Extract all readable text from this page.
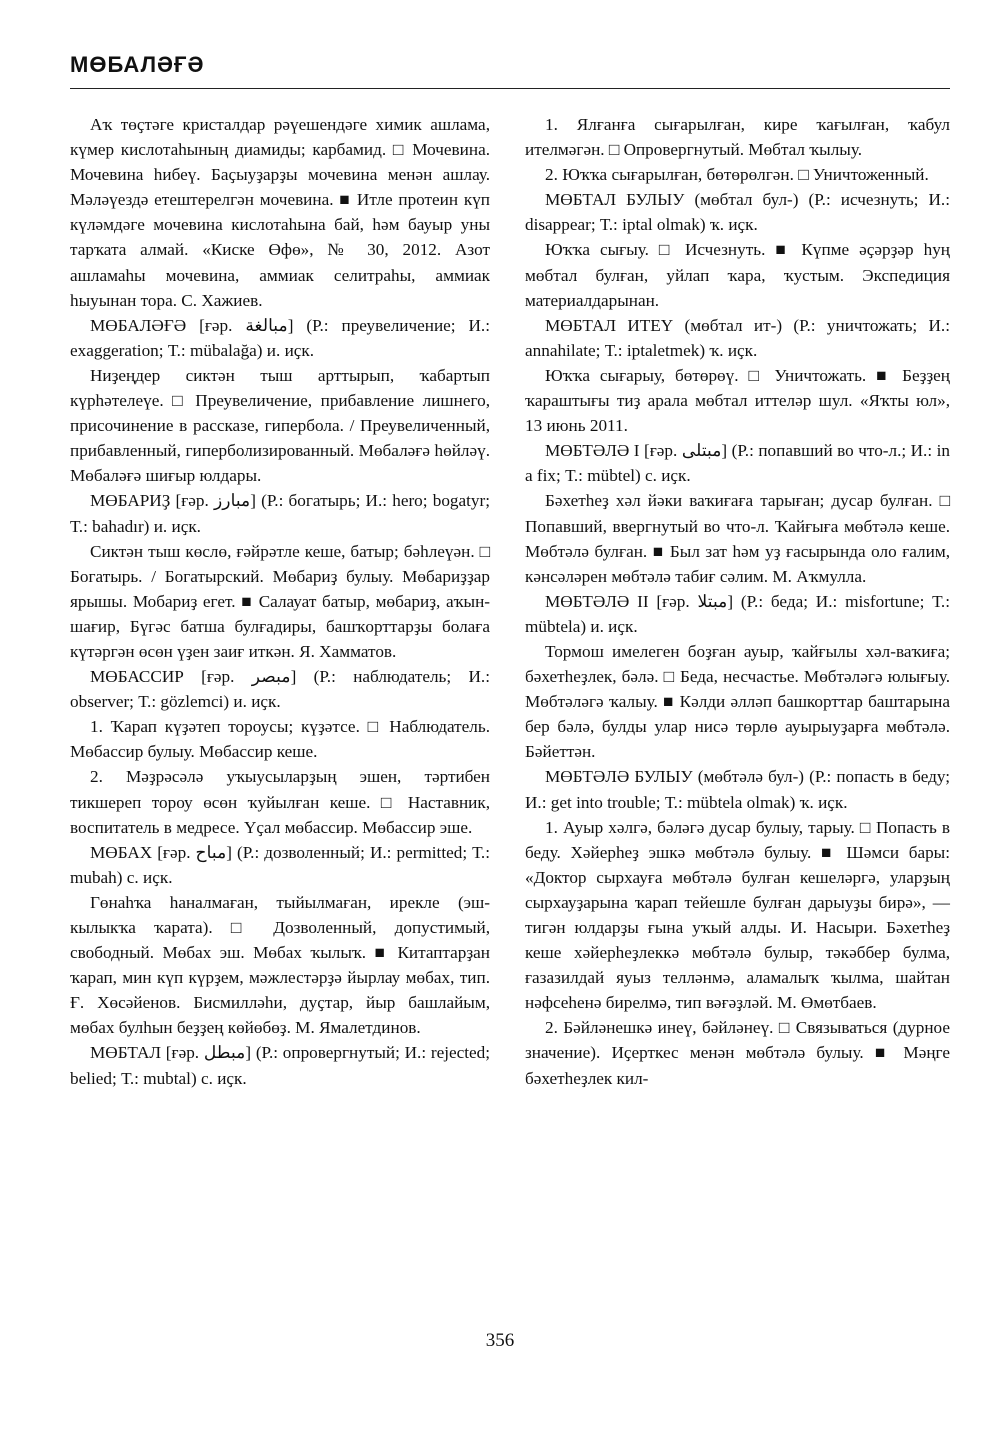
МӨБАЛӘҒӘ

Аҡ төҫтәге кристалдар рәүешендәге химик ашлама, күмер кислотаһының диамиды; карбамид. □ Мочевина. Мочевина һибеү. Баҫыуҙарҙы мочевина менән ашлау. Мәләүездә етештерелгән мочевина. ■ Итле протеин күп күләмдәге мочевина кислотаһына бай, һәм бауыр уны тарҡата алмай. «Киске Өфө», № 30, 2012. Азот ашламаһы мочевина, аммиак селитраһы, аммиак һыуынан тора. С. Хажиев.

МӨБАЛӘҒӘ [ғәр. مبالغة] (Р.: преувеличение; И.: exaggeration; Т.: mübalağa) и. иҫк.

Ниҙеңдер сиктән тыш арттырып, ҡабартып күрһәтелеүе. □ Преувеличение, прибавление лишнего, присочинение в рассказе, гипербола. / Преувеличенный, прибавленный, гиперболизированный. Мөбаләғә һөйләү. Мөбаләғә шиғыр юлдары.

МӨБАРИҘ [ғәр. مبارز] (Р.: богатырь; И.: hero; bogatyr; Т.: bahadır) и. иҫк.

Сиктән тыш көслө, ғәйрәтле кеше, батыр; бәһлеүән. □ Богатырь. / Богатырский. Мөбариҙ булыу. Мөбариҙҙар ярышы. Мобариҙ егет. ■ Салауат батыр, мөбариҙ, аҡын-шағир, Бүгәс батша булғадиры, башҡорттарҙы болаға күтәргән өсөн үҙен заиғ иткән. Я. Хамматов.

МӨБАССИР [ғәр. مبصر] (Р.: наблюдатель; И.: observer; Т.: gözlemci) и. иҫк.

1. Ҡарап күҙәтеп тороусы; күҙәтсе. □ Наблюдатель. Мөбассир булыу. Мөбассир кеше.

2. Мәҙрәсәлә уҡыусыларҙың эшен, тәртибен тикшереп тороу өсөн ҡуйылған кеше. □ Наставник, воспитатель в медресе. Үҫал мөбассир. Мөбассир эше.

МӨБАХ [ғәр. مباح] (Р.: дозволенный; И.: permitted; Т.: mubah) с. иҫк.

Гөнаһҡа һаналмаған, тыйылмаған, ирекле (эш-кылыкҡа ҡарата). □ Дозволенный, допустимый, свободный. Мөбах эш. Мөбах ҡылыҡ. ■ Китаптарҙан ҡарап, мин күп күрҙем, мәжлестәрҙә йырлау мөбах, тип. Ғ. Хөсәйенов. Бисмилләһи, дуҫтар, йыр башлайым, мөбах булһын беҙҙең көйөбөҙ. М. Ямалетдинов.

МӨБТАЛ [ғәр. مبطل] (Р.: опровергнутый; И.: rejected; belied; Т.: mubtal) с. иҫк.

1. Ялғанға сығарылған, кире ҡағылған, ҡабул ителмәгән. □ Опровергнутый. Мөбтал ҡылыу.

2. Юҡҡа сығарылған, бөтөрөлгән. □ Уничтоженный.

МӨБТАЛ БУЛЫУ (мөбтал бул-) (Р.: исчезнуть; И.: disappear; Т.: iptal olmak) ҡ. иҫк.

Юҡҡа сығыу. □ Исчезнуть. ■ Күпме әҫәрҙәр һуң мөбтал булған, уйлап ҡара, ҡустым. Экспедиция материалдарынан.

МӨБТАЛ ИТЕҮ (мөбтал ит-) (Р.: уничтожать; И.: annahilate; Т.: iptaletmek) ҡ. иҫк.

Юҡҡа сығарыу, бөтөрөү. □ Уничтожать. ■ Беҙҙең ҡараштығы тиҙ арала мөбтал иттеләр шул. «Яҡты юл», 13 июнь 2011.

МӨБТӘЛӘ I [ғәр. مبتلى] (Р.: попавший во что-л.; И.: in a fix; Т.: mübtel) с. иҫк.

Бәхетһеҙ хәл йәки ваҡиғаға тарыған; дусар булған. □ Попавший, ввергнутый во что-л. Ҡайғыға мөбтәлә кеше. Мөбтәлә булған. ■ Был зат һәм уҙ ғасырында оло ғалим, кәнсәләрен мөбтәлә табиғ сәлим. М. Аҡмулла.

МӨБТӘЛӘ II [ғәр. مبتلا] (Р.: беда; И.: misfortune; Т.: mübtela) и. иҫк.

Тормош имелеген боҙған ауыр, ҡайғылы хәл-ваҡиға; бәхетһеҙлек, бәлә. □ Беда, несчастье. Мөбтәләгә юлығыу. Мөбтәләгә ҡалыу. ■ Кәлди әлләп башкорттар баштарына бер бәлә, булды улар нисә төрлө ауырыуҙарға мөбтәлә. Бәйеттән.

МӨБТӘЛӘ БУЛЫУ (мөбтәлә бул-) (Р.: попасть в беду; И.: get into trouble; Т.: mübtela olmak) ҡ. иҫк.

1. Ауыр хәлгә, бәләгә дусар булыу, тарыу. □ Попасть в беду. Хәйерһеҙ эшкә мөбтәлә булыу. ■ Шәмси бары: «Доктор сырхауға мөбтәлә булған кешеләргә, уларҙың сырхауҙарына ҡарап тейешле булған дарыуҙы бирә», — тигән юлдарҙы ғына уҡый алды. И. Насыри. Бәхетһеҙ кеше хәйерһеҙлеккә мөбтәлә булыр, тәкәббер булма, ғазазилдай яуыз телләнмә, аламалыҡ ҡылма, шайтан нәфсеһенә бирелмә, тип вәғәҙләй. М. Өмөтбаев.

2. Бәйләнешкә инеү, бәйләнеү. □ Связываться (дурное значение). Иҫерткес менән мөбтәлә булыу. ■ Мәңге бәхетһеҙлек кил-

356
